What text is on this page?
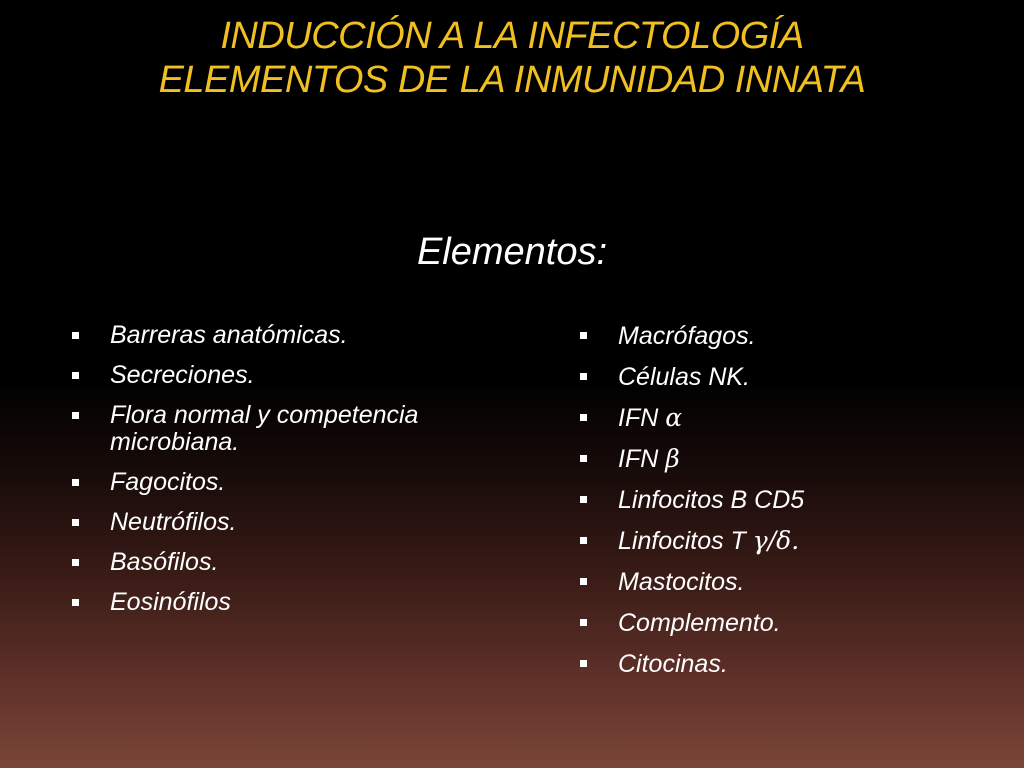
INDUCCIÓN A LA INFECTOLOGÍA
ELEMENTOS DE LA INMUNIDAD INNATA
Elementos:
Barreras anatómicas.
Secreciones.
Flora normal y competencia microbiana.
Fagocitos.
Neutrófilos.
Basófilos.
Eosinófilos
Macrófagos.
Células NK.
IFN α
IFN β
Linfocitos B CD5
Linfocitos T γ/δ.
Mastocitos.
Complemento.
Citocinas.
